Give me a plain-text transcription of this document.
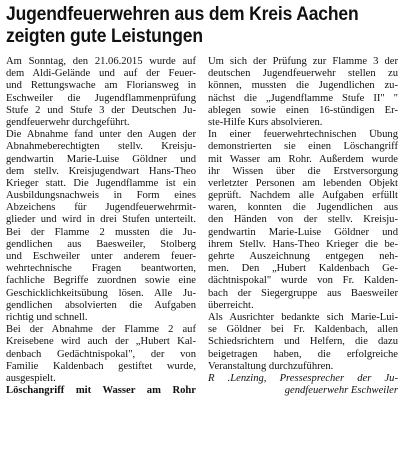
Jugendfeuerwehren aus dem Kreis Aachen
zeigten gute Leistungen
Am Sonntag, den 21.06.2015 wurde auf
dem Aldi-Gelände und auf der Feuer-
und Rettungswache am Floriansweg in
Eschweiler die Jugendflammenprüfung
Stufe 2 und Stufe 3 der Deutschen Ju-
gendfeuerwehr durchgeführt.
Die Abnahme fand unter den Augen der
Abnahmeberechtigten stellv. Kreisju-
gendwartin Marie-Luise Göldner und
dem stellv. Kreisjugendwart Hans-Theo
Krieger statt. Die Jugendflamme ist ein
Ausbildungsnachweis in Form eines
Abzeichens für Jugendfeuerwehrmit-
glieder und wird in drei Stufen unterteilt.
Bei der Flamme 2 mussten die Ju-
gendlichen aus Baesweiler, Stolberg
und Eschweiler unter anderem feuer-
wehrtechnische Fragen beantworten,
fachliche Begriffe zuordnen sowie eine
Geschicklichkeitsübung lösen. Alle Ju-
gendlichen absolvierten die Aufgaben
richtig und schnell.
Bei der Abnahme der Flamme 2 auf
Kreisebene wird auch der „Hubert Kal-
denbach Gedächtnispokal", der von
Familie Kaldenbach gestiftet wurde,
ausgespielt.
Löschangriff mit Wasser am Rohr
Um sich der Prüfung zur Flamme 3 der
deutschen Jugendfeuerwehr stellen zu
können, mussten die Jugendlichen zu-
nächst die „Jugendflamme Stufe II" "
ablegen sowie einen 16-stündigen Er-
ste-Hilfe Kurs absolvieren.
In einer feuerwehrtechnischen Übung
demonstrierten sie einen Löschangriff
mit Wasser am Rohr. Außerdem wurde
ihr Wissen über die Erstversorgung
verletzter Personen am lebenden Objekt
geprüft. Nachdem alle Aufgaben erfüllt
waren, konnten die Jugendlichen aus
den Händen von der stellv. Kreisju-
gendwartin Marie-Luise Göldner und
ihrem Stellv. Hans-Theo Krieger die be-
gehrte Auszeichnung entgegen neh-
men. Den „Hubert Kaldenbach Ge-
dächtnispokal" wurde von Fr. Kalden-
bach der Siegergruppe aus Baesweiler
überreicht.
Als Ausrichter bedankte sich Marie-Lui-
se Göldner bei Fr. Kaldenbach, allen
Schiedsrichtern und Helfern, die dazu
beigetragen haben, die erfolgreiche
Veranstaltung durchzuführen.
R .Lenzing, Pressesprecher der Ju-
gendfeuerwehr Eschweiler
